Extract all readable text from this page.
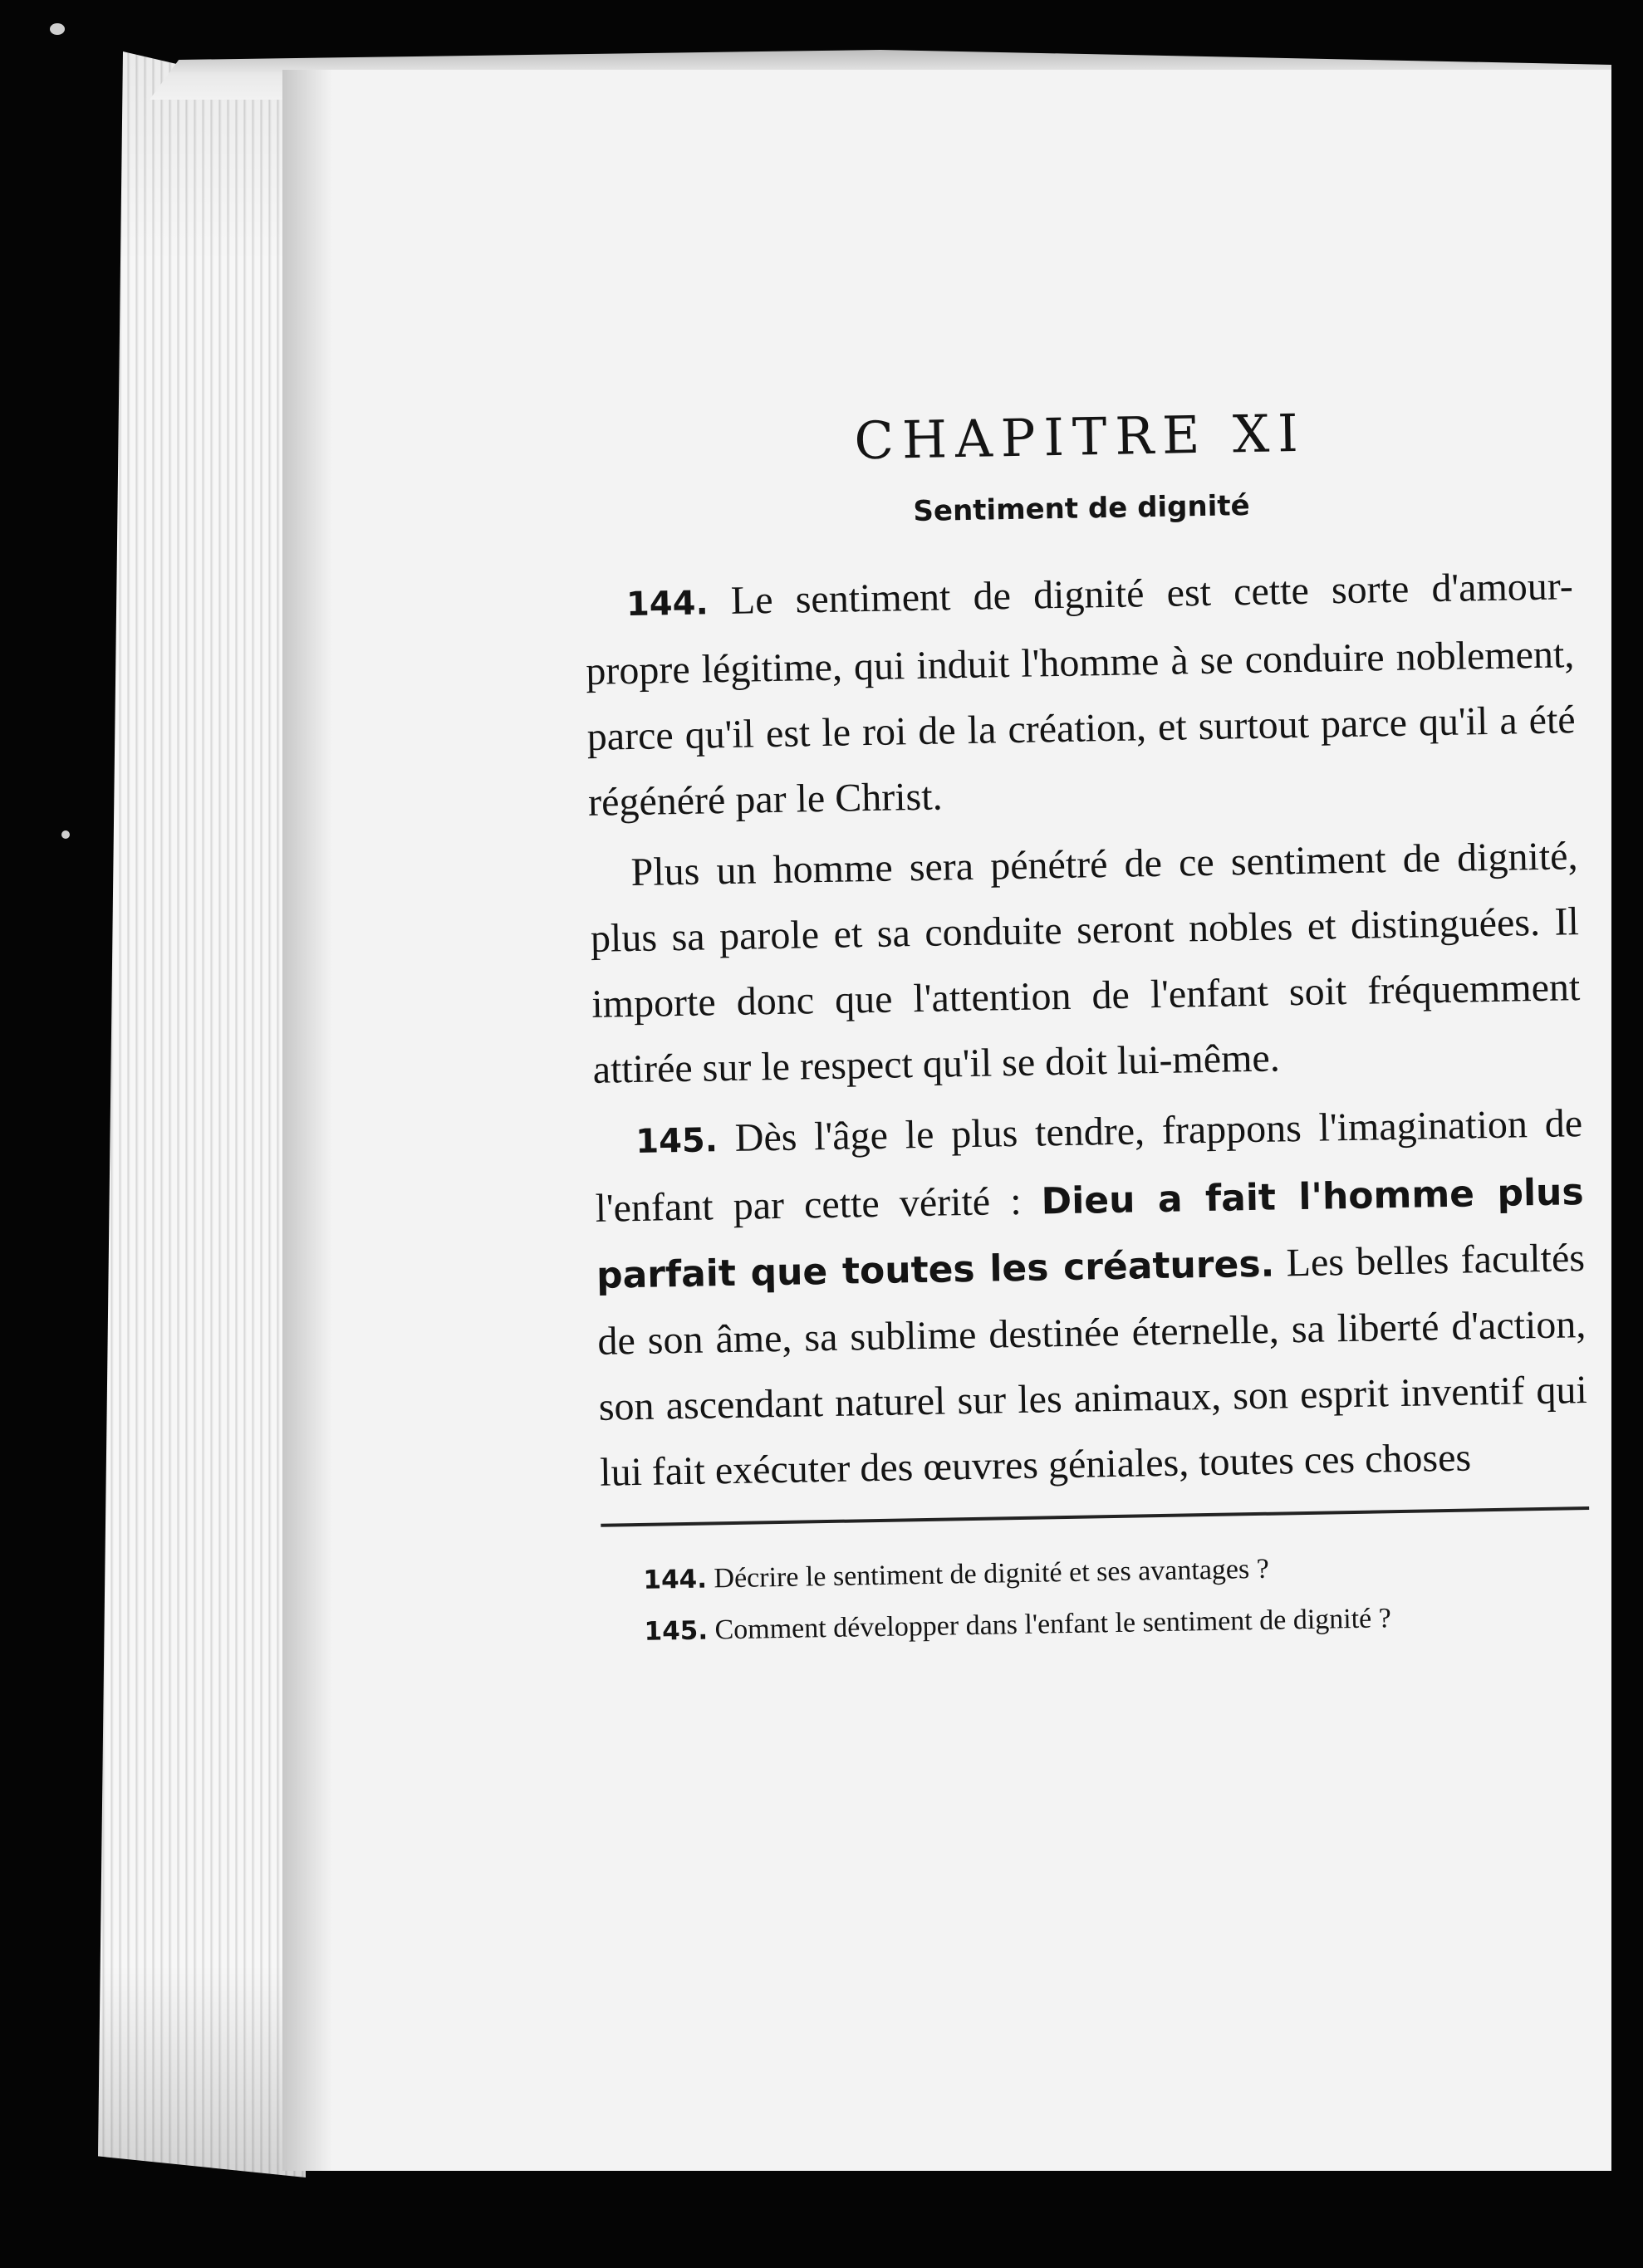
CHAPITRE XI
Sentiment de dignité

144. Le sentiment de dignité est cette sorte d'amour-propre légitime, qui induit l'homme à se conduire noblement, parce qu'il est le roi de la création, et surtout parce qu'il a été régénéré par le Christ.

Plus un homme sera pénétré de ce sentiment de dignité, plus sa parole et sa conduite seront nobles et distinguées. Il importe donc que l'attention de l'enfant soit fréquemment attirée sur le respect qu'il se doit lui-même.

145. Dès l'âge le plus tendre, frappons l'imagination de l'enfant par cette vérité : Dieu a fait l'homme plus parfait que toutes les créatures. Les belles facultés de son âme, sa sublime destinée éternelle, sa liberté d'action, son ascendant naturel sur les animaux, son esprit inventif qui lui fait exécuter des œuvres géniales, toutes ces choses

144. Décrire le sentiment de dignité et ses avantages ?

145. Comment développer dans l'enfant le sentiment de dignité ?
